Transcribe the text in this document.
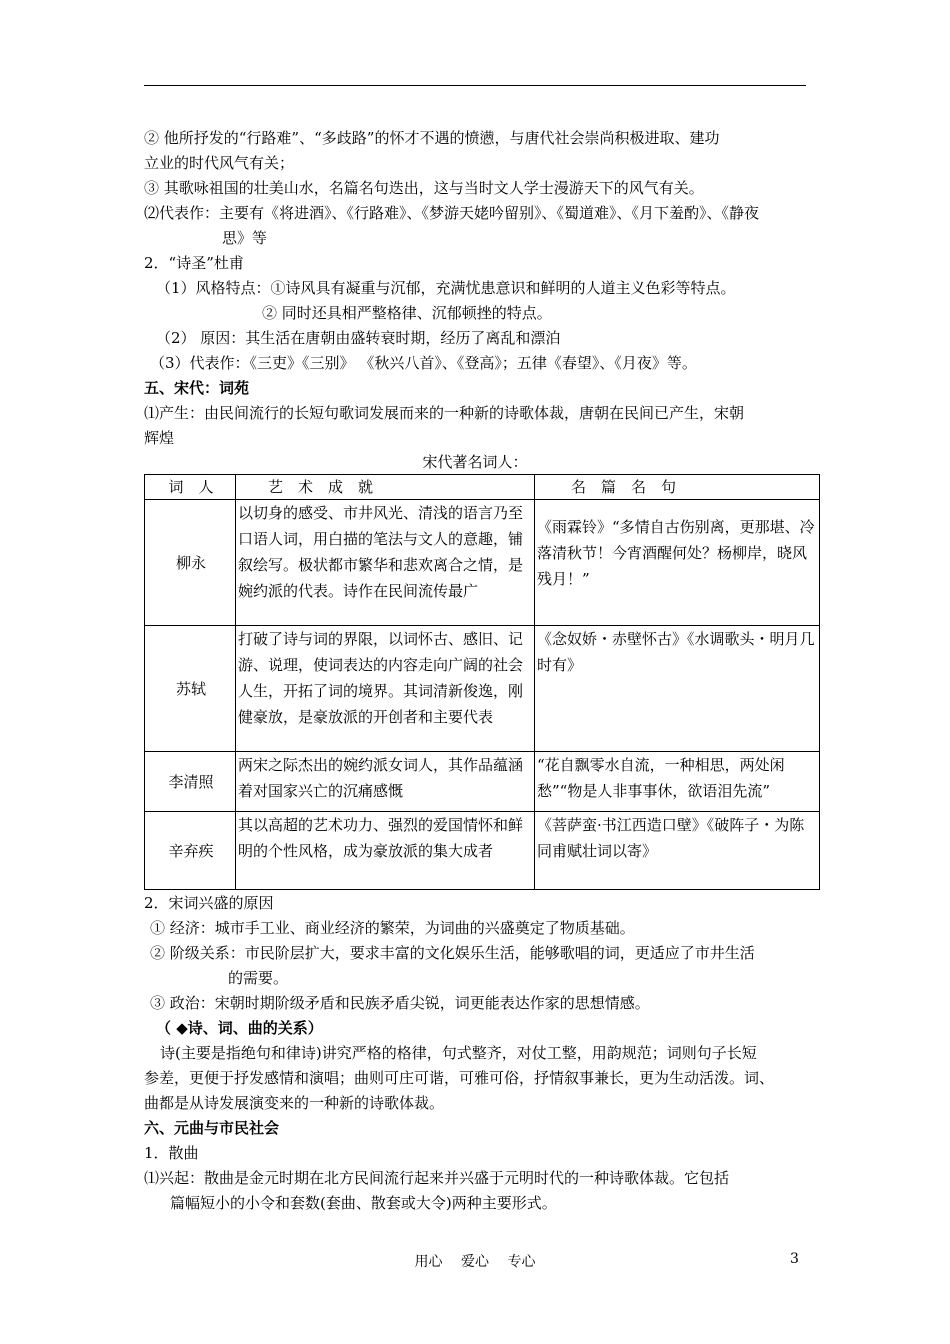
② 他所抒发的“行路难”、“多歧路”的怀才不遇的愤懑，与唐代社会崇尚积极进取、建功
立业的时代风气有关；
③ 其歌咏祖国的壮美山水，名篇名句迭出，这与当时文人学士漫游天下的风气有关。
⑵代表作：主要有《将进酒》、《行路难》、《梦游天姥吟留别》、《蜀道难》、《月下羞酌》、《静夜
思》等
2．“诗圣”杜甫
（1）风格特点：①诗风具有凝重与沉郁，充满忧患意识和鲜明的人道主义色彩等特点。
② 同时还具相严整格律、沉郁顿挫的特点。
（2） 原因：其生活在唐朝由盛转衰时期，经历了离乱和漂泊
（3）代表作：《三吏》《三别》 《秋兴八首》、《登高》；五律《春望》、《月夜》等。
五、宋代：词苑
⑴产生：由民间流行的长短句歌词发展而来的一种新的诗歌体裁，唐朝在民间已产生，宋朝
辉煌
宋代著名词人：
词　人	艺　术　成　就	名　篇　名　句
柳永	以切身的感受、市井风光、清浅的语言乃至口语人词，用白描的笔法与文人的意趣，铺叙绘写。极状都市繁华和悲欢离合之情，是婉约派的代表。诗作在民间流传最广	《雨霖铃》“多情自古伤别离，更那堪、冷落清秋节！今宵酒醒何处？杨柳岸，晓风残月！”
苏轼	打破了诗与词的界限，以词怀古、感旧、记游、说理，使词表达的内容走向广阔的社会人生，开拓了词的境界。其词清新俊逸，刚健豪放，是豪放派的开创者和主要代表	《念奴娇・赤壁怀古》《水调歌头・明月几时有》
李清照	两宋之际杰出的婉约派女词人，其作品蕴涵着对国家兴亡的沉痛感慨	“花自飘零水自流，一种相思，两处闲愁”“物是人非事事休，欲语泪先流”
辛弃疾	其以高超的艺术功力、强烈的爱国情怀和鲜明的个性风格，成为豪放派的集大成者	《菩萨蛮·书江西造口壁》《破阵子・为陈同甫赋壮词以寄》
2．宋词兴盛的原因
① 经济：城市手工业、商业经济的繁荣，为词曲的兴盛奠定了物质基础。
② 阶级关系：市民阶层扩大，要求丰富的文化娱乐生活，能够歌唱的词，更适应了市井生活
的需要。
③ 政治：宋朝时期阶级矛盾和民族矛盾尖锐，词更能表达作家的思想情感。
（ ◆诗、词、曲的关系）
诗(主要是指绝句和律诗)讲究严格的格律，句式整齐，对仗工整，用韵规范；词则句子长短
参差，更便于抒发感情和演唱；曲则可庄可谐，可雅可俗，抒情叙事兼长，更为生动活泼。词、
曲都是从诗发展演变来的一种新的诗歌体裁。
六、元曲与市民社会
1．散曲
⑴兴起：散曲是金元时期在北方民间流行起来并兴盛于元明时代的一种诗歌体裁。它包括
篇幅短小的小令和套数(套曲、散套或大令)两种主要形式。
用心　 爱心　 专心	3
